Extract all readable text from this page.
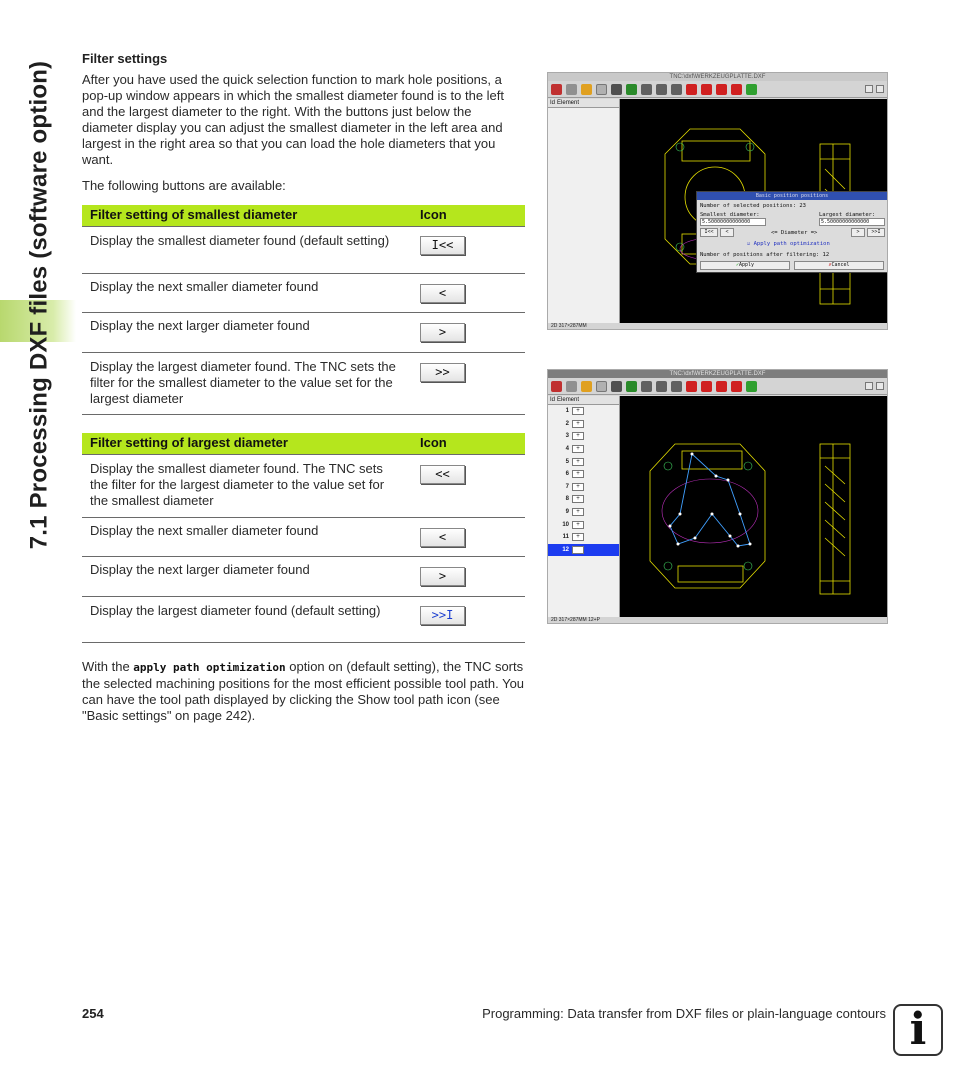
7.1 Processing DXF files (software option)
Filter settings

After you have used the quick selection function to mark hole positions, a pop-up window appears in which the smallest diameter found is to the left and the largest diameter to the right. With the buttons just below the diameter display you can adjust the smallest diameter in the left area and largest in the right area so that you can load the hole diameters that you want.

The following buttons are available:

Filter setting of smallest diameter	Icon
Display the smallest diameter found (default setting)	I<<
Display the next smaller diameter found	<
Display the next larger diameter found	>
Display the largest diameter found. The TNC sets the filter for the smallest diameter to the value set for the largest diameter	>>
Filter setting of largest diameter	Icon
Display the smallest diameter found. The TNC sets the filter for the largest diameter to the value set for the smallest diameter	<<
Display the next smaller diameter found	<
Display the next larger diameter found	>
Display the largest diameter found (default setting)	>>I

With the apply path optimization option on (default setting), the TNC sorts the selected machining positions for the most efficient possible tool path. You can have the tool path displayed by clicking the Show tool path icon (see "Basic settings" on page 242).

TNC:\dxf\WERKZEUGPLATTE.DXF
Id Element
Basic position positions
Number of selected positions: 23
Smallest diameter:
5.50000000000000
Largest diameter:
5.50000000000000
I<<	<	<= Diameter =>	>	>>I
☑ Apply path optimization
Number of positions after filtering: 12
✓Apply	✗Cancel
2D 317×287MM
TNC:\dxf\WERKZEUGPLATTE.DXF
Id Element
1	+
2	+
3	+
4	+
5	+
6	+
7	+
8	+
9	+
10	+
11	+
12	+
2D 317×287MM 12+P
254	Programming: Data transfer from DXF files or plain-language contours i
